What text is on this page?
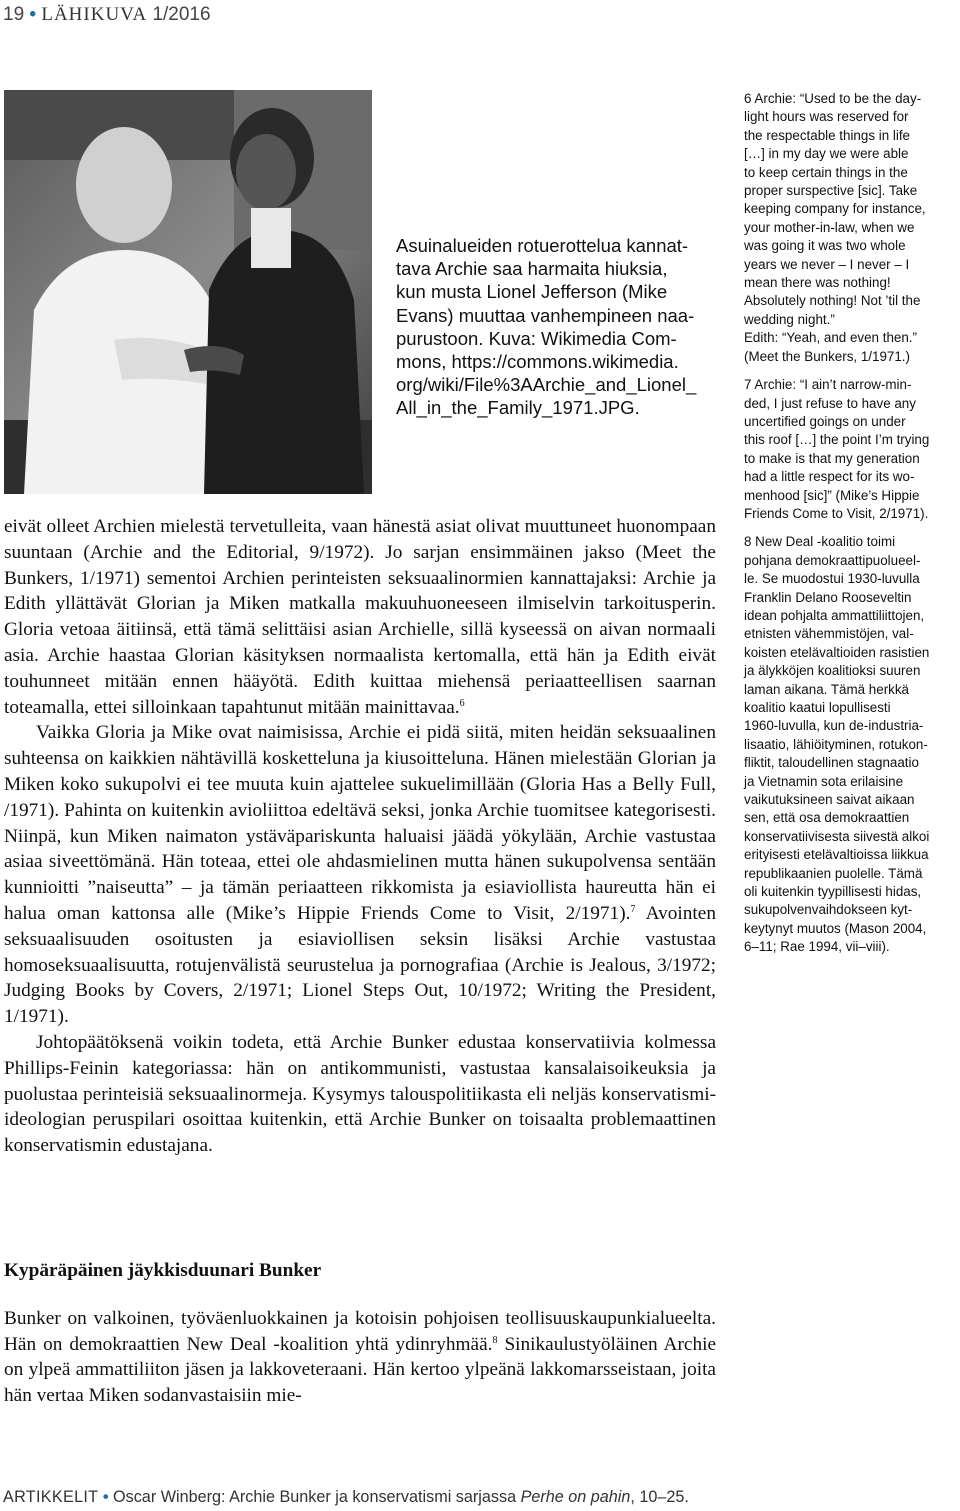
19 • LÄHIKUVA 1/2016

Asuinalueiden rotuerottelua kannat-

tava Archie saa harmaita hiuksia,

kun musta Lionel Jefferson (Mike

Evans) muuttaa vanhempineen naa-

purustoon. Kuva: Wikimedia Com-

mons, https://commons.wikimedia.

org/wiki/File%3AArchie_and_Lionel_

All_in_the_Family_1971.JPG.

eivät olleet Archien mielestä tervetulleita, vaan hänestä asiat olivat muuttuneet huonompaan suuntaan (Archie and the Editorial, 9/1972). Jo sarjan ensimmäinen jakso (Meet the Bunkers, 1/1971) sementoi Archien perinteisten seksuaalinormien kannattajaksi: Archie ja Edith yllättävät Glorian ja Miken matkalla makuuhuoneeseen ilmiselvin tarkoitusperin. Gloria vetoaa äitiinsä, että tämä selittäisi asian Archielle, sillä kyseessä on aivan normaali asia. Archie haastaa Glorian käsityksen normaalista kertomalla, että hän ja Edith eivät touhunneet mitään ennen hääyötä. Edith kuittaa miehensä periaatteellisen saarnan toteamalla, ettei silloinkaan tapahtunut mitään mainittavaa.$^6$

Vaikka Gloria ja Mike ovat naimisissa, Archie ei pidä siitä, miten heidän seksuaalinen suhteensa on kaikkien nähtävillä kosketteluna ja kiusoitteluna. Hänen mielestään Glorian ja Miken koko sukupolvi ei tee muuta kuin ajattelee sukuelimillään (Gloria Has a Belly Full, /1971). Pahinta on kuitenkin avioliittoa edeltävä seksi, jonka Archie tuomitsee kategorisesti. Niinpä, kun Miken naimaton ystäväpariskunta haluaisi jäädä yökylään, Archie vastustaa asiaa siveettömänä. Hän toteaa, ettei ole ahdasmielinen mutta hänen sukupolvensa sentään kunnioitti ”naiseutta” – ja tämän periaatteen rikkomista ja esiaviollista haureutta hän ei halua oman kattonsa alle (Mike’s Hippie Friends Come to Visit, 2/1971).$^7$ Avointen seksuaalisuuden osoitusten ja esiaviollisen seksin lisäksi Archie vastustaa homoseksuaalisuutta, rotujenvälistä seurustelua ja pornografiaa (Archie is Jealous, 3/1972; Judging Books by Covers, 2/1971; Lionel Steps Out, 10/1972; Writing the President, 1/1971).

Johtopäätöksenä voikin todeta, että Archie Bunker edustaa konservatiivia kolmessa Phillips-Feinin kategoriassa: hän on antikommunisti, vastustaa kansalaisoikeuksia ja puolustaa perinteisiä seksuaalinormeja. Kysymys talouspolitiikasta eli neljäs konservatismi-ideologian peruspilari osoittaa kuitenkin, että Archie Bunker on toisaalta problemaattinen konservatismin edustajana.

Kypäräpäinen jäykkisduunari Bunker

Bunker on valkoinen, työväenluokkainen ja kotoisin pohjoisen teollisuuskaupunkialueelta. Hän on demokraattien New Deal -koalition yhtä ydinryhmää.$^8$ Sinikaulustyöläinen Archie on ylpeä ammattiliiton jäsen ja lakkoveteraani. Hän kertoo ylpeänä lakkomarsseistaan, joita hän vertaa Miken sodanvastaisiin mie-

6 Archie: “Used to be the day-
light hours was reserved for
the respectable things in life
[…] in my day we were able
to keep certain things in the
proper surspective [sic]. Take
keeping company for instance,
your mother-in-law, when we
was going it was two whole
years we never – I never – I
mean there was nothing!
Absolutely nothing! Not ’til the
wedding night.”
Edith: “Yeah, and even then.”
(Meet the Bunkers, 1/1971.)
7 Archie: “I ain’t narrow-min-
ded, I just refuse to have any
uncertified goings on under
this roof […] the point I’m trying
to make is that my generation
had a little respect for its wo-
menhood [sic]” (Mike’s Hippie
Friends Come to Visit, 2/1971).
8 New Deal -koalitio toimi
pohjana demokraattipuolueel-
le. Se muodostui 1930-luvulla
Franklin Delano Rooseveltin
idean pohjalta ammattiliittojen,
etnisten vähemmistöjen, val-
koisten etelävaltioiden rasistien
ja älykköjen koalitioksi suuren
laman aikana. Tämä herkkä
koalitio kaatui lopullisesti
1960-luvulla, kun de-industria-
lisaatio, lähiöityminen, rotukon-
fliktit, taloudellinen stagnaatio
ja Vietnamin sota erilaisine
vaikutuksineen saivat aikaan
sen, että osa demokraattien
konservatiivisesta siivestä alkoi
erityisesti etelävaltioissa liikkua
republikaanien puolelle. Tämä
oli kuitenkin tyypillisesti hidas,
sukupolvenvaihdokseen kyt-
keytynyt muutos (Mason 2004,
6–11; Rae 1994, vii–viii).
ARTIKKELIT • Oscar Winberg: Archie Bunker ja konservatismi sarjassa Perhe on pahin, 10–25.
